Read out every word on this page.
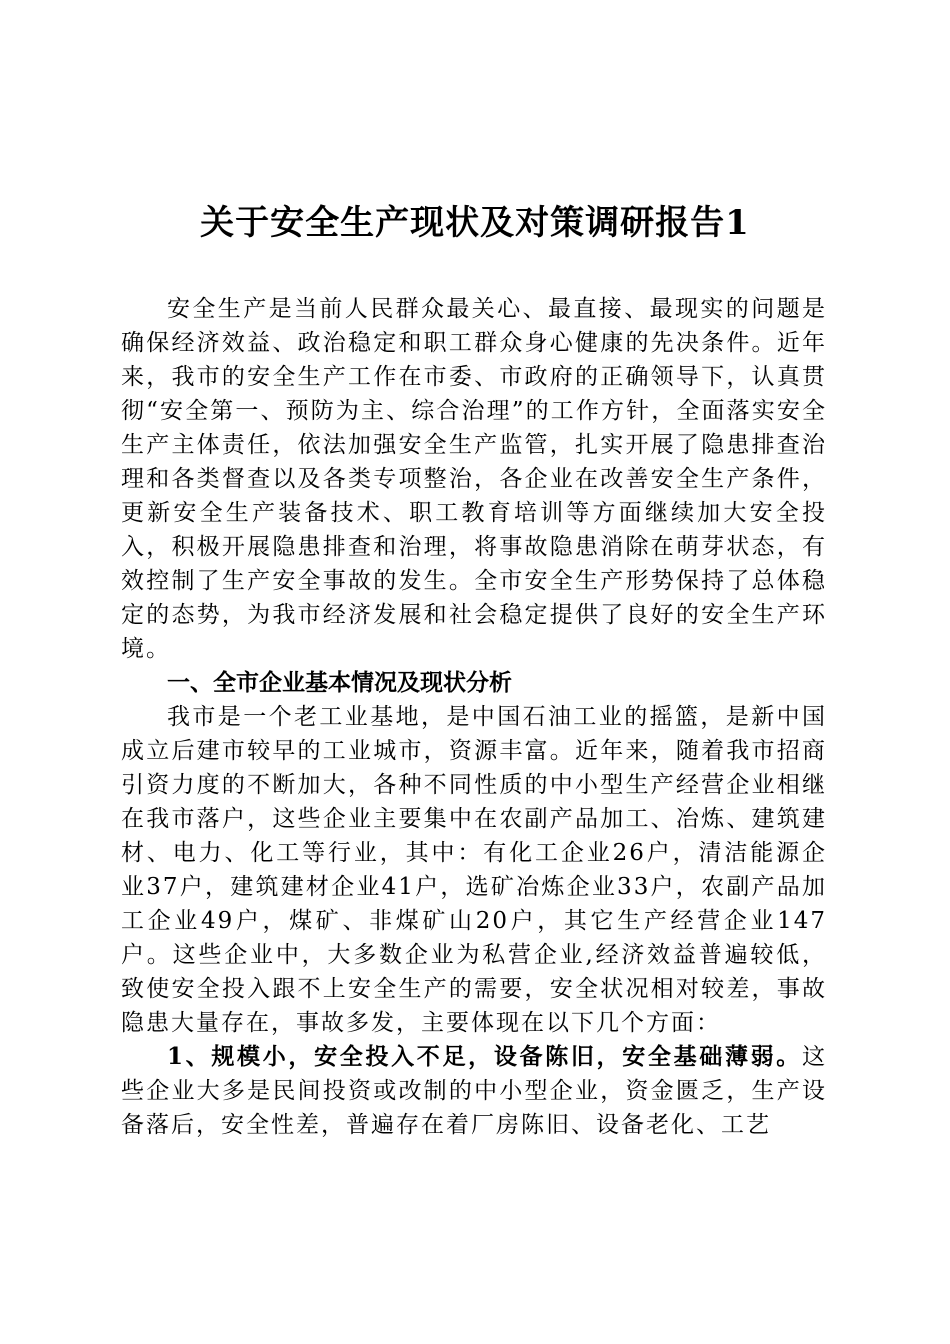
关于安全生产现状及对策调研报告1

安全生产是当前人民群众最关心、最直接、最现实的问题是确保经济效益、政治稳定和职工群众身心健康的先决条件。近年来，我市的安全生产工作在市委、市政府的正确领导下，认真贯彻“安全第一、预防为主、综合治理”的工作方针，全面落实安全生产主体责任，依法加强安全生产监管，扎实开展了隐患排查治理和各类督查以及各类专项整治，各企业在改善安全生产条件，更新安全生产装备技术、职工教育培训等方面继续加大安全投入，积极开展隐患排查和治理，将事故隐患消除在萌芽状态，有效控制了生产安全事故的发生。全市安全生产形势保持了总体稳定的态势，为我市经济发展和社会稳定提供了良好的安全生产环境。

一、全市企业基本情况及现状分析

我市是一个老工业基地，是中国石油工业的摇篮，是新中国成立后建市较早的工业城市，资源丰富。近年来，随着我市招商引资力度的不断加大，各种不同性质的中小型生产经营企业相继在我市落户，这些企业主要集中在农副产品加工、冶炼、建筑建材、电力、化工等行业，其中：有化工企业26户，清洁能源企业37户，建筑建材企业41户，选矿冶炼企业33户，农副产品加工企业49户，煤矿、非煤矿山20户，其它生产经营企业147户。这些企业中，大多数企业为私营企业,经济效益普遍较低，致使安全投入跟不上安全生产的需要，安全状况相对较差，事故隐患大量存在，事故多发，主要体现在以下几个方面：

1、规模小，安全投入不足，设备陈旧，安全基础薄弱。这些企业大多是民间投资或改制的中小型企业，资金匮乏，生产设备落后，安全性差，普遍存在着厂房陈旧、设备老化、工艺
